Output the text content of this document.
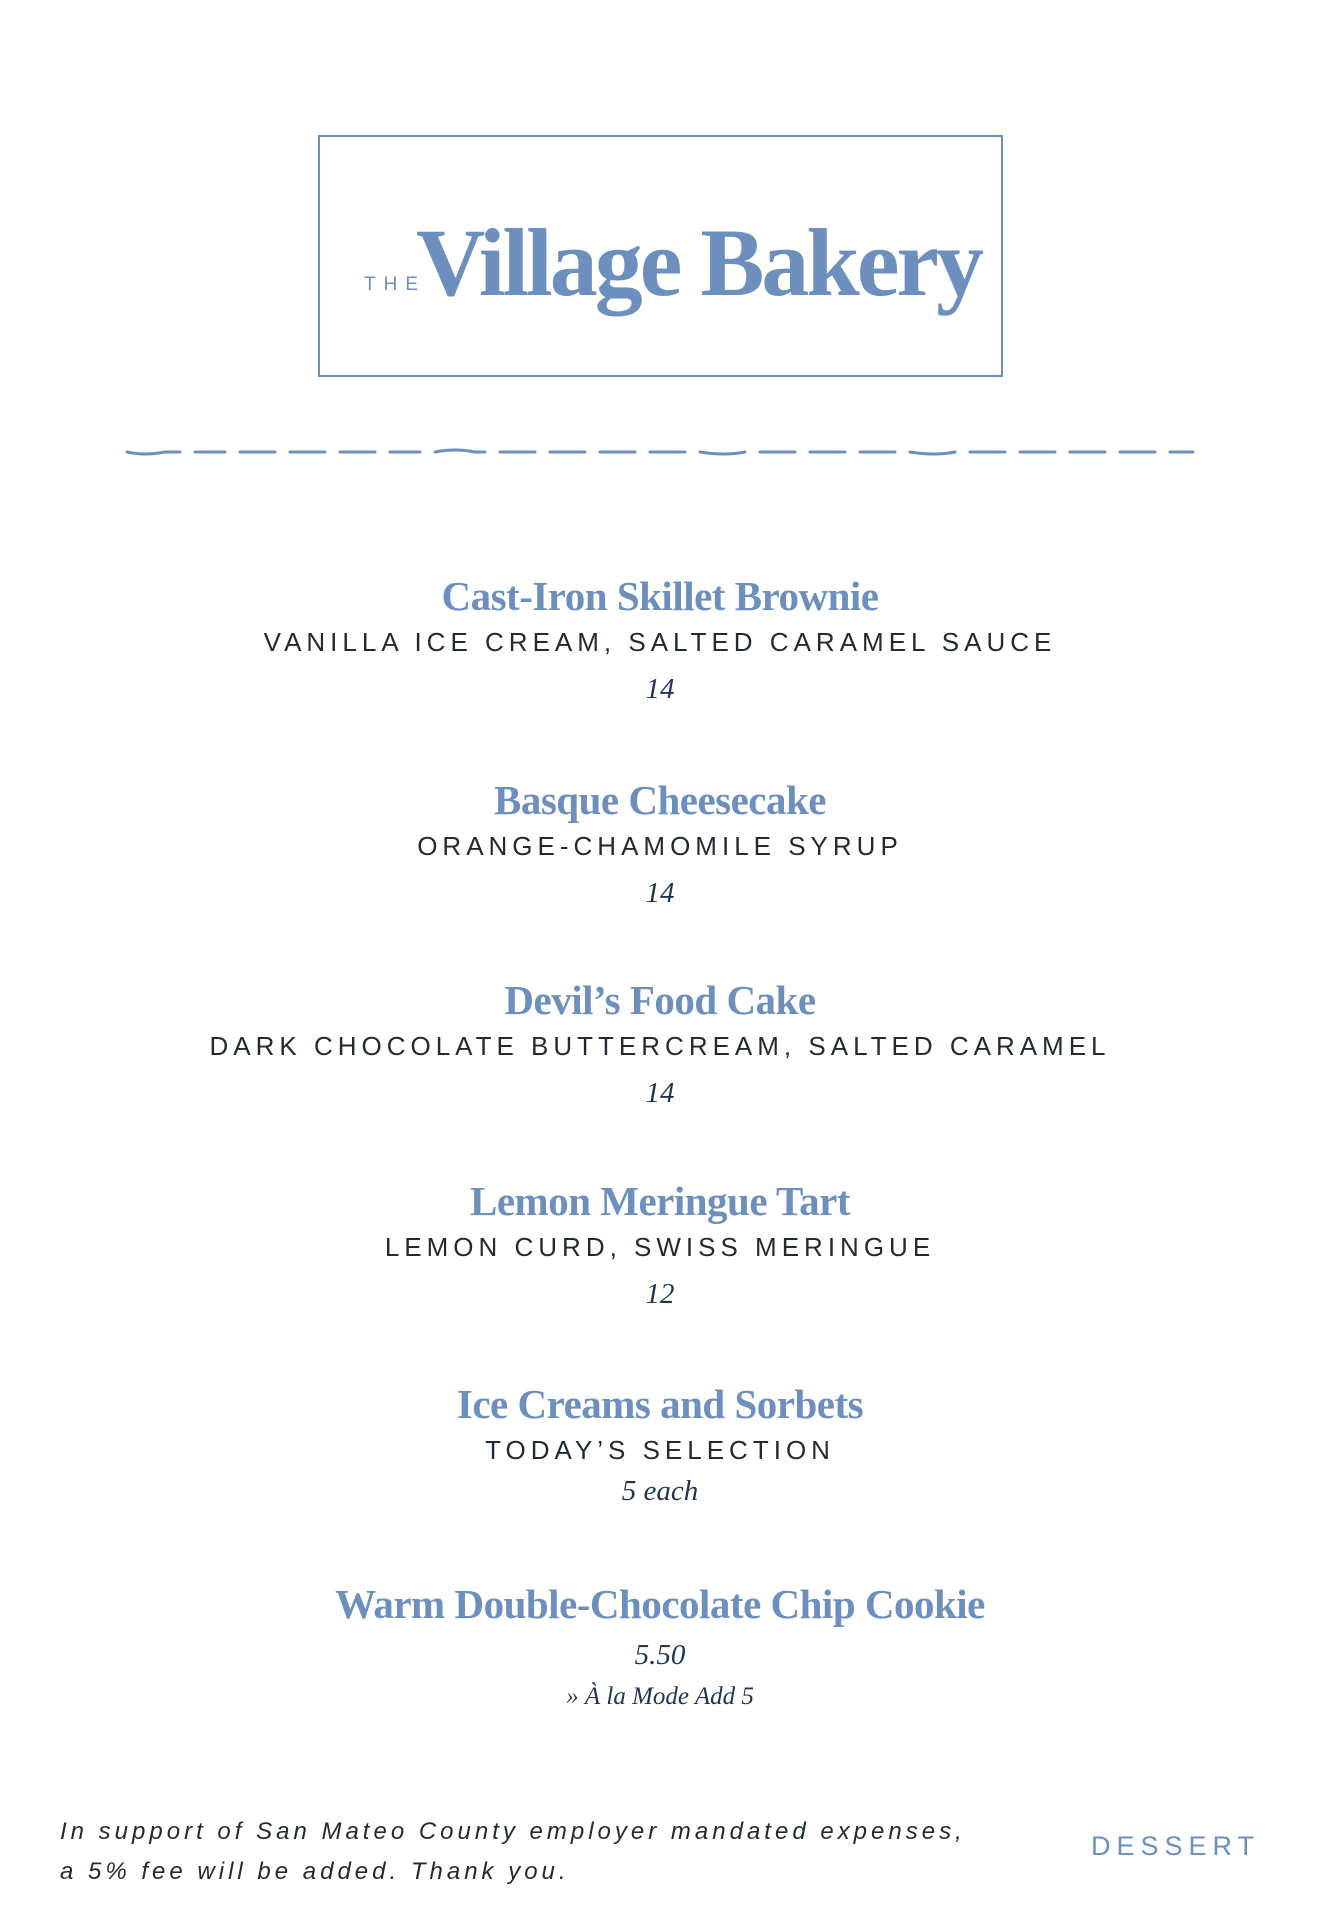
THE
Village Bakery
Cast-Iron Skillet Brownie
VANILLA ICE CREAM, SALTED CARAMEL SAUCE
14
Basque Cheesecake
ORANGE-CHAMOMILE SYRUP
14
Devil’s Food Cake
DARK CHOCOLATE BUTTERCREAM, SALTED CARAMEL
14
Lemon Meringue Tart
LEMON CURD, SWISS MERINGUE
12
Ice Creams and Sorbets
TODAY’S SELECTION
5 each
Warm Double-Chocolate Chip Cookie
5.50
» À la Mode Add 5
In support of San Mateo County employer mandated expenses,
a 5% fee will be added. Thank you.
DESSERT
